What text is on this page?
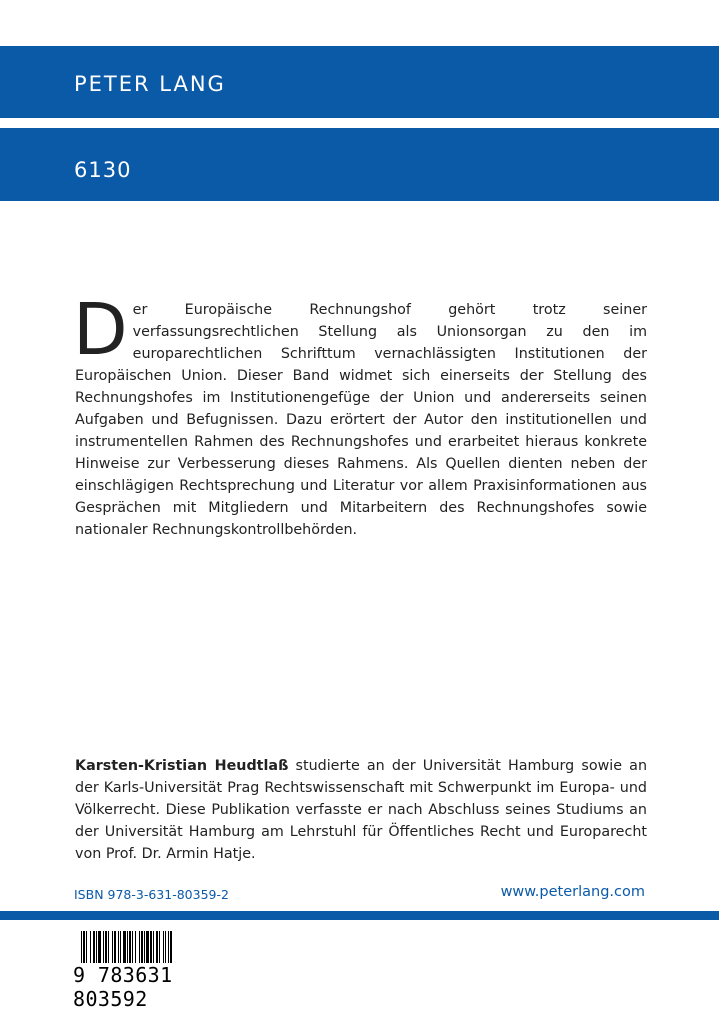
PETER LANG
6130
Der Europäische Rechnungshof gehört trotz seiner verfassungsrechtlichen Stellung als Unionsorgan zu den im europarechtlichen Schrifttum vernachlässigten Institutionen der Europäischen Union. Dieser Band widmet sich einerseits der Stellung des Rechnungshofes im Institutionengefüge der Union und andererseits seinen Aufgaben und Befugnissen. Dazu erörtert der Autor den institutionellen und instrumentellen Rahmen des Rechnungshofes und erarbeitet hieraus konkrete Hinweise zur Verbesserung dieses Rahmens. Als Quellen dienten neben der einschlägigen Rechtsprechung und Literatur vor allem Praxisinformationen aus Gesprächen mit Mitgliedern und Mitarbeitern des Rechnungshofes sowie nationaler Rechnungskontrollbehörden.
Karsten-Kristian Heudtlaß studierte an der Universität Hamburg sowie an der Karls-Universität Prag Rechtswissenschaft mit Schwerpunkt im Europa- und Völkerrecht. Diese Publikation verfasste er nach Abschluss seines Studiums an der Universität Hamburg am Lehrstuhl für Öffentliches Recht und Europarecht von Prof. Dr. Armin Hatje.
ISBN 978-3-631-80359-2	www.peterlang.com
9 783631 803592
